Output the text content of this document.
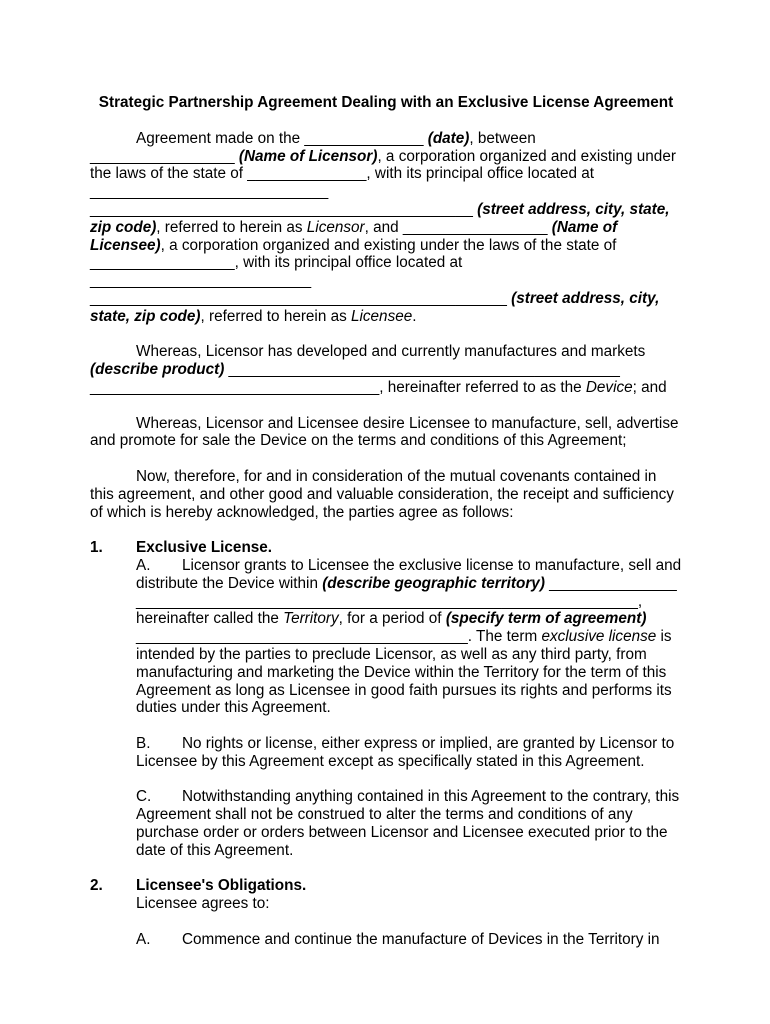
Strategic Partnership Agreement Dealing with an Exclusive License Agreement

Agreement made on the ______________ (date), between _________________ (Name of Licensor), a corporation organized and existing under the laws of the state of ______________, with its principal office located at ____________________________ _____________________________________________ (street address, city, state, zip code), referred to herein as Licensor, and _________________ (Name of Licensee), a corporation organized and existing under the laws of the state of _________________, with its principal office located at __________________________ _________________________________________________ (street address, city, state, zip code), referred to herein as Licensee.

Whereas, Licensor has developed and currently manufactures and markets (describe product) ______________________________________________ __________________________________, hereinafter referred to as the Device; and

Whereas, Licensor and Licensee desire Licensee to manufacture, sell, advertise and promote for sale the Device on the terms and conditions of this Agreement;

Now, therefore, for and in consideration of the mutual covenants contained in this agreement, and other good and valuable consideration, the receipt and sufficiency of which is hereby acknowledged, the parties agree as follows:

1. Exclusive License.
A. Licensor grants to Licensee the exclusive license to manufacture, sell and distribute the Device within (describe geographic territory) _______________
___________________________________________________________,
hereinafter called the Territory, for a period of (specify term of agreement) _______________________________________. The term exclusive license is intended by the parties to preclude Licensor, as well as any third party, from manufacturing and marketing the Device within the Territory for the term of this Agreement as long as Licensee in good faith pursues its rights and performs its duties under this Agreement.
B. No rights or license, either express or implied, are granted by Licensor to Licensee by this Agreement except as specifically stated in this Agreement.
C. Notwithstanding anything contained in this Agreement to the contrary, this Agreement shall not be construed to alter the terms and conditions of any purchase order or orders between Licensor and Licensee executed prior to the date of this Agreement.
2. Licensee's Obligations.
Licensee agrees to:
A. Commence and continue the manufacture of Devices in the Territory in
